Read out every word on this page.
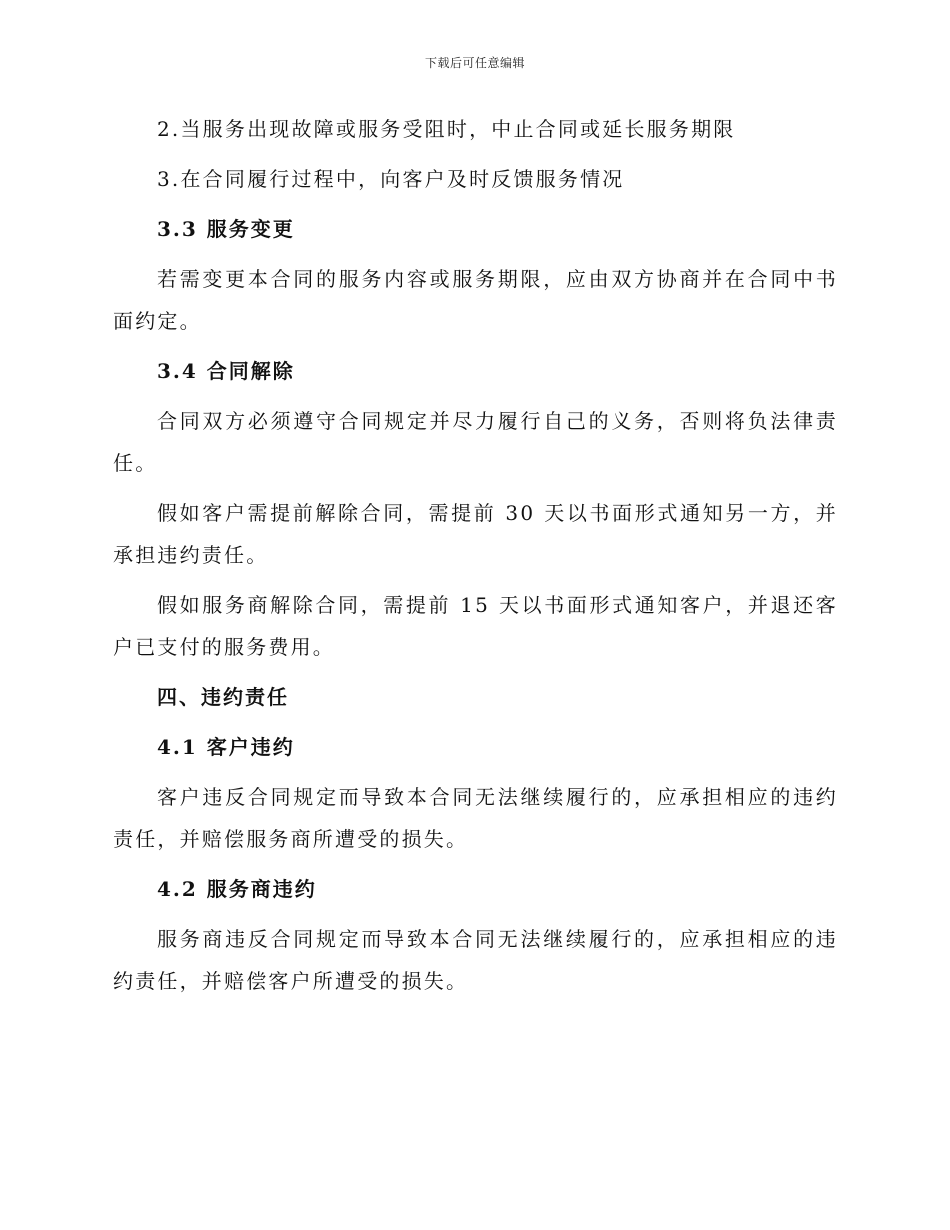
下载后可任意编辑

2.当服务出现故障或服务受阻时，中止合同或延长服务期限

3.在合同履行过程中，向客户及时反馈服务情况

3.3 服务变更

若需变更本合同的服务内容或服务期限，应由双方协商并在合同中书面约定。

3.4 合同解除

合同双方必须遵守合同规定并尽力履行自己的义务，否则将负法律责任。

假如客户需提前解除合同，需提前 30 天以书面形式通知另一方，并承担违约责任。

假如服务商解除合同，需提前 15 天以书面形式通知客户，并退还客户已支付的服务费用。

四、违约责任

4.1 客户违约

客户违反合同规定而导致本合同无法继续履行的，应承担相应的违约责任，并赔偿服务商所遭受的损失。

4.2 服务商违约

服务商违反合同规定而导致本合同无法继续履行的，应承担相应的违约责任，并赔偿客户所遭受的损失。
